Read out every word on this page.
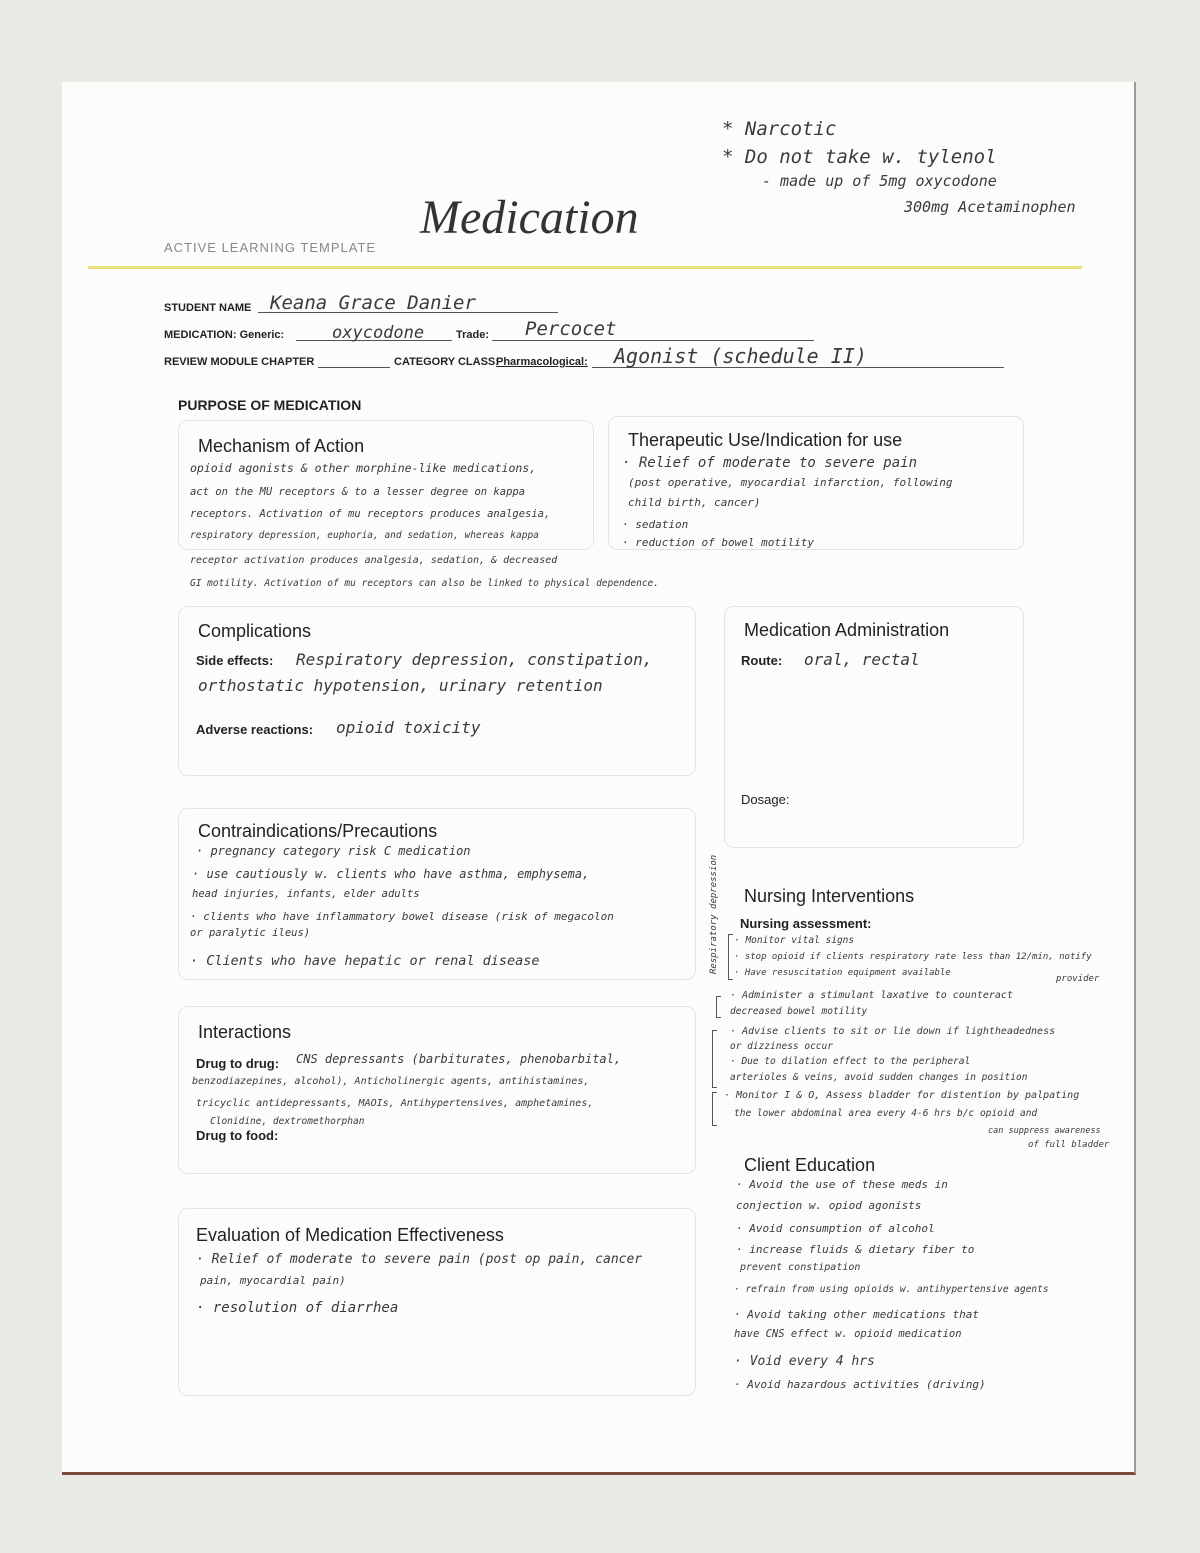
* Narcotic
* Do not take w. tylenol
- made up of 5mg oxycodone
300mg Acetaminophen
Medication
ACTIVE LEARNING TEMPLATE
STUDENT NAME Keana Grace Danier
MEDICATION: Generic:	oxycodone	Trade: Percocet
REVIEW MODULE CHAPTER	CATEGORY CLASS:
Pharmacological: Agonist (schedule II)
PURPOSE OF MEDICATION
Mechanism of Action
opioid agonists & other morphine-like medications,
act on the MU receptors & to a lesser degree on kappa
receptors. Activation of mu receptors produces analgesia,
respiratory depression, euphoria, and sedation, whereas kappa
receptor activation produces analgesia, sedation, & decreased
GI motility. Activation of mu receptors can also be linked to physical dependence.
Therapeutic Use/Indication for use
· Relief of moderate to severe pain
(post operative, myocardial infarction, following
child birth, cancer)
· sedation
· reduction of bowel motility
Complications
Side effects: Respiratory depression, constipation,
orthostatic hypotension, urinary retention
Adverse reactions: opioid toxicity
Medication Administration
Route: oral, rectal
Dosage:
Contraindications/Precautions
· pregnancy category risk C medication
· use cautiously w. clients who have asthma, emphysema,
head injuries, infants, elder adults
· clients who have inflammatory bowel disease (risk of megacolon
or paralytic ileus)
· Clients who have hepatic or renal disease
Nursing Interventions
Nursing assessment:
Respiratory depression · Monitor vital signs
· stop opioid if clients respiratory rate less than 12/min, notify
· Have resuscitation equipment available
provider
· Administer a stimulant laxative to counteract
decreased bowel motility
· Advise clients to sit or lie down if lightheadedness
or dizziness occur
· Due to dilation effect to the peripheral
arterioles & veins, avoid sudden changes in position
· Monitor I & O, Assess bladder for distention by palpating
the lower abdominal area every 4-6 hrs b/c opioid and
can suppress awareness
of full bladder
Interactions
Drug to drug: CNS depressants (barbiturates, phenobarbital,
benzodiazepines, alcohol), Anticholinergic agents, antihistamines,
tricyclic antidepressants, MAOIs, Antihypertensives, amphetamines,
Clonidine, dextromethorphan
Drug to food:
Client Education
· Avoid the use of these meds in
conjection w. opiod agonists
· Avoid consumption of alcohol
· increase fluids & dietary fiber to
prevent constipation
· refrain from using opioids w. antihypertensive agents
· Avoid taking other medications that
have CNS effect w. opioid medication
· Void every 4 hrs
· Avoid hazardous activities (driving)
Evaluation of Medication Effectiveness
· Relief of moderate to severe pain (post op pain, cancer
pain, myocardial pain)
· resolution of diarrhea
